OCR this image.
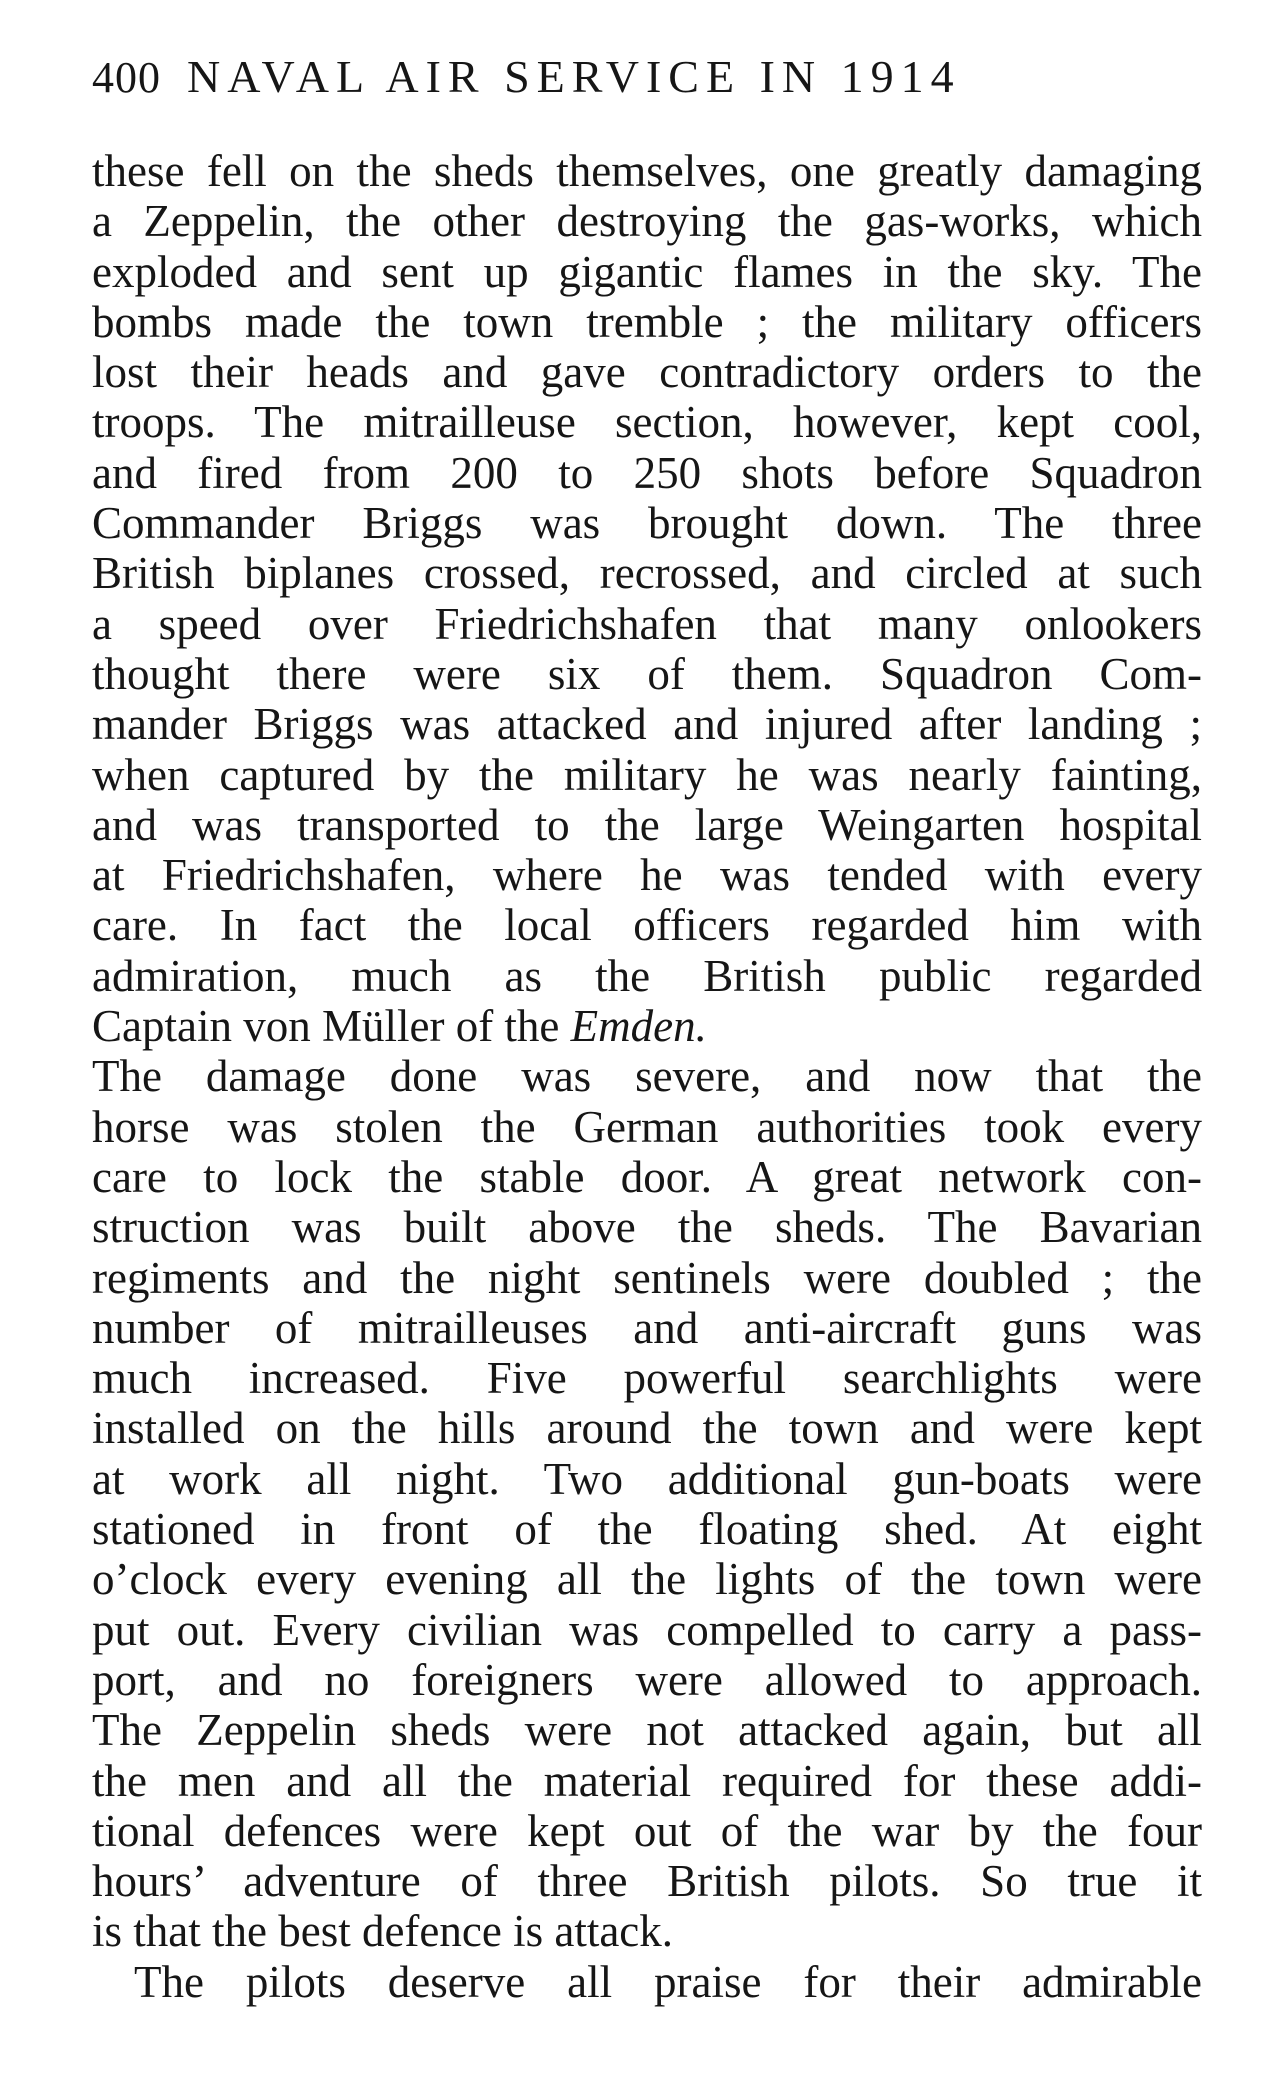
400 NAVAL AIR SERVICE IN 1914
these fell on the sheds themselves, one greatly damaging
a Zeppelin, the other destroying the gas-works, which
exploded and sent up gigantic flames in the sky. The
bombs made the town tremble ; the military officers
lost their heads and gave contradictory orders to the
troops. The mitrailleuse section, however, kept cool,
and fired from 200 to 250 shots before Squadron
Commander Briggs was brought down. The three
British biplanes crossed, recrossed, and circled at such
a speed over Friedrichshafen that many onlookers
thought there were six of them. Squadron Com-
mander Briggs was attacked and injured after landing ;
when captured by the military he was nearly fainting,
and was transported to the large Weingarten hospital
at Friedrichshafen, where he was tended with every
care. In fact the local officers regarded him with
admiration, much as the British public regarded
Captain von Müller of the Emden.
The damage done was severe, and now that the
horse was stolen the German authorities took every
care to lock the stable door. A great network con-
struction was built above the sheds. The Bavarian
regiments and the night sentinels were doubled ; the
number of mitrailleuses and anti-aircraft guns was
much increased. Five powerful searchlights were
installed on the hills around the town and were kept
at work all night. Two additional gun-boats were
stationed in front of the floating shed. At eight
o’clock every evening all the lights of the town were
put out. Every civilian was compelled to carry a pass-
port, and no foreigners were allowed to approach.
The Zeppelin sheds were not attacked again, but all
the men and all the material required for these addi-
tional defences were kept out of the war by the four
hours’ adventure of three British pilots. So true it
is that the best defence is attack.
The pilots deserve all praise for their admirable
